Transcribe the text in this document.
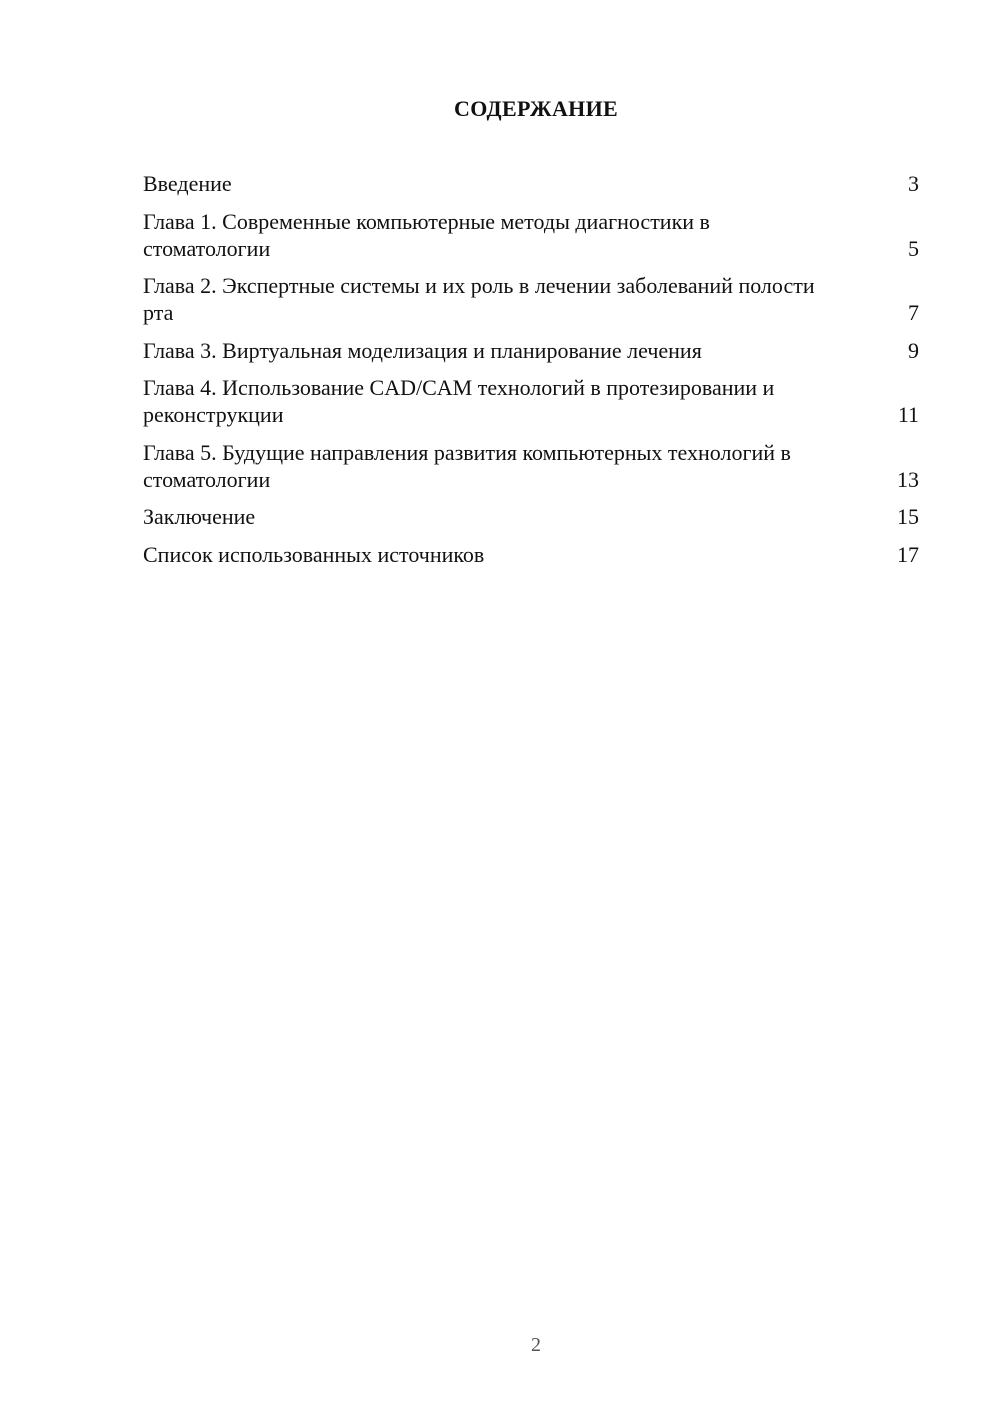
СОДЕРЖАНИЕ
Введение	3
Глава 1. Современные компьютерные методы диагностики в стоматологии	5
Глава 2. Экспертные системы и их роль в лечении заболеваний полости рта	7
Глава 3. Виртуальная моделизация и планирование лечения	9
Глава 4. Использование CAD/CAM технологий в протезировании и реконструкции	11
Глава 5. Будущие направления развития компьютерных технологий в стоматологии	13
Заключение	15
Список использованных источников	17
2
